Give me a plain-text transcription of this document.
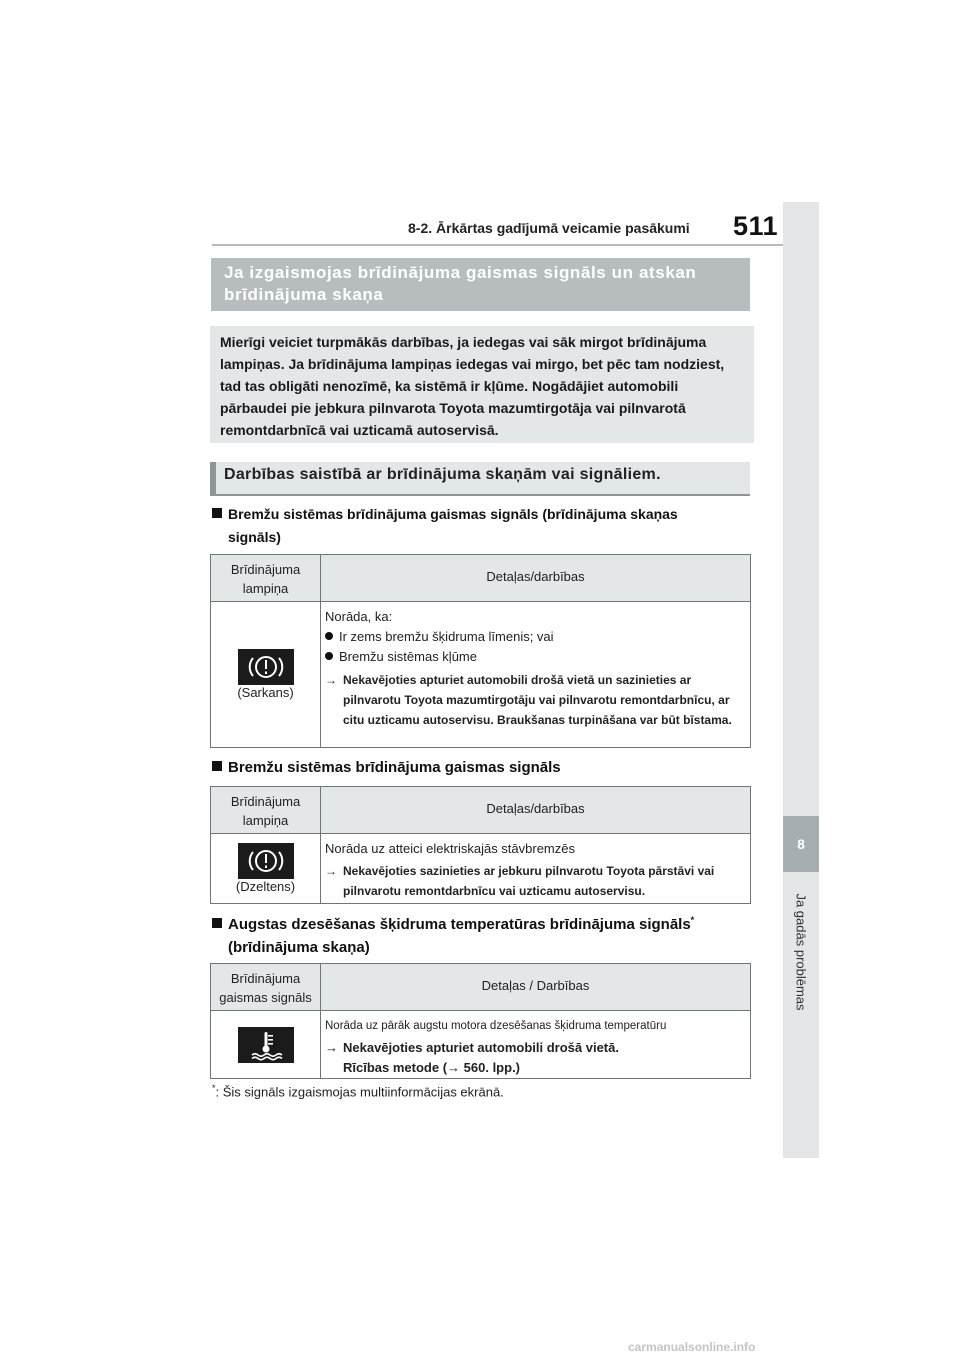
8
Ja gadās problēmas
8-2. Ārkārtas gadījumā veicamie pasākumi 511
Ja izgaismojas brīdinājuma gaismas signāls un atskan brīdinājuma skaņa
Mierīgi veiciet turpmākās darbības, ja iedegas vai sāk mirgot brīdinājuma lampiņas. Ja brīdinājuma lampiņas iedegas vai mirgo, bet pēc tam nodziest, tad tas obligāti nenozīmē, ka sistēmā ir kļūme. Nogādājiet automobili pārbaudei pie jebkura pilnvarota Toyota mazumtirgotāja vai pilnvarotā remontdarbnīcā vai uzticamā autoservisā.
Darbības saistībā ar brīdinājuma skaņām vai signāliem.
Bremžu sistēmas brīdinājuma gaismas signāls (brīdinājuma skaņas signāls)
Brīdinājuma lampiņa	Detaļas/darbības

(Sarkans)	Norāda, ka:
Ir zems bremžu šķidruma līmenis; vai
Bremžu sistēmas kļūme
→ Nekavējoties apturiet automobili drošā vietā un sazinieties ar pilnvarotu Toyota mazumtirgotāju vai pilnvarotu remontdarbnīcu, ar citu uzticamu autoservisu. Braukšanas turpināšana var būt bīstama.
Bremžu sistēmas brīdinājuma gaismas signāls
Brīdinājuma lampiņa	Detaļas/darbības

(Dzeltens)	Norāda uz atteici elektriskajās stāvbremzēs
→ Nekavējoties sazinieties ar jebkuru pilnvarotu Toyota pārstāvi vai pilnvarotu remontdarbnīcu vai uzticamu autoservisu.
Augstas dzesēšanas šķidruma temperatūras brīdinājuma signāls*
(brīdinājuma skaņa)
Brīdinājuma gaismas signāls	Detaļas / Darbības

Norāda uz pārāk augstu motora dzesēšanas šķidruma temperatūru
→ Nekavējoties apturiet automobili drošā vietā.
Rīcības metode (→ 560. lpp.)
*: Šis signāls izgaismojas multiinformācijas ekrānā.
carmanualsonline.info
